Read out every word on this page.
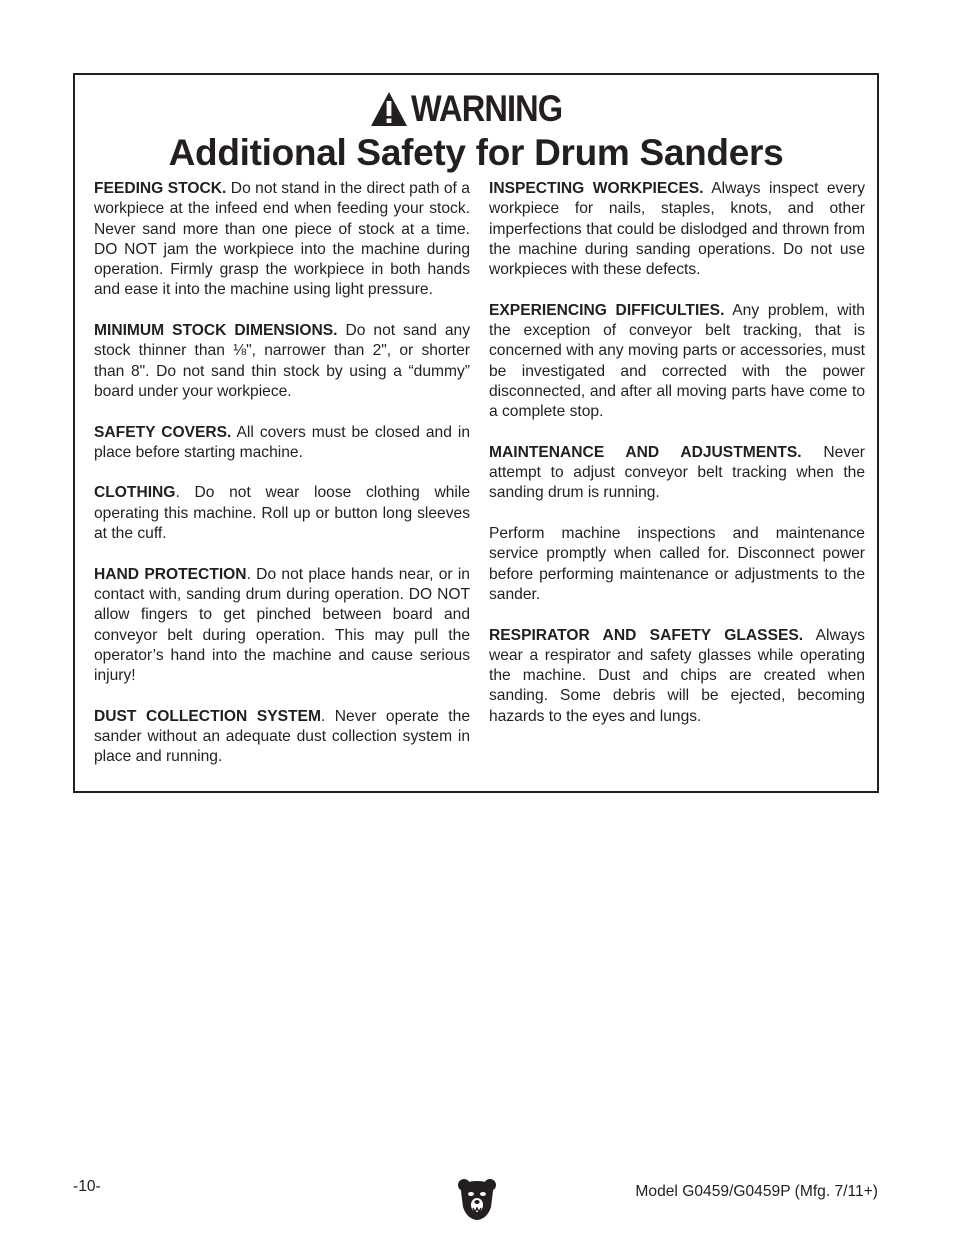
WARNING
Additional Safety for Drum Sanders

FEEDING STOCK. Do not stand in the direct path of a workpiece at the infeed end when feeding your stock. Never sand more than one piece of stock at a time. DO NOT jam the workpiece into the machine during operation. Firmly grasp the workpiece in both hands and ease it into the machine using light pressure.

MINIMUM STOCK DIMENSIONS. Do not sand any stock thinner than ⅛", narrower than 2", or shorter than 8". Do not sand thin stock by using a “dummy” board under your workpiece.

SAFETY COVERS. All covers must be closed and in place before starting machine.

CLOTHING. Do not wear loose clothing while operating this machine. Roll up or button long sleeves at the cuff.

HAND PROTECTION. Do not place hands near, or in contact with, sanding drum during operation. DO NOT allow fingers to get pinched between board and conveyor belt during operation. This may pull the operator’s hand into the machine and cause serious injury!

DUST COLLECTION SYSTEM. Never operate the sander without an adequate dust collection system in place and running.

INSPECTING WORKPIECES. Always inspect every workpiece for nails, staples, knots, and other imperfections that could be dislodged and thrown from the machine during sanding operations. Do not use workpieces with these defects.

EXPERIENCING DIFFICULTIES. Any problem, with the exception of conveyor belt tracking, that is concerned with any moving parts or accessories, must be investigated and corrected with the power disconnected, and after all moving parts have come to a complete stop.

MAINTENANCE AND ADJUSTMENTS. Never attempt to adjust conveyor belt tracking when the sanding drum is running.

Perform machine inspections and maintenance service promptly when called for. Disconnect power before performing maintenance or adjustments to the sander.

RESPIRATOR AND SAFETY GLASSES. Always wear a respirator and safety glasses while operating the machine. Dust and chips are created when sanding. Some debris will be ejected, becoming hazards to the eyes and lungs.

-10-	Model G0459/G0459P (Mfg. 7/11+)
